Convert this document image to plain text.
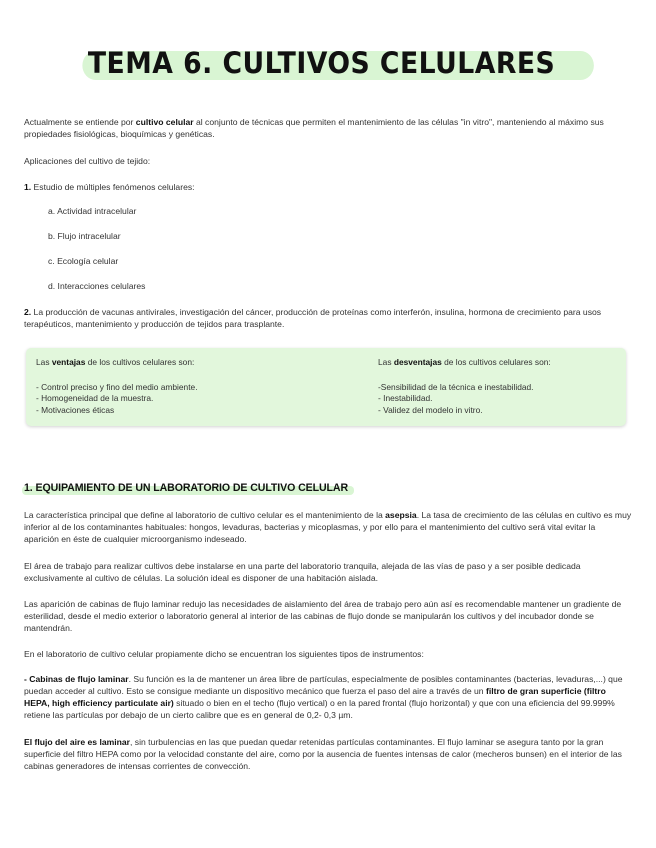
TEMA 6. CULTIVOS CELULARES

Actualmente se entiende por cultivo celular al conjunto de técnicas que permiten el mantenimiento de las células "in vitro", manteniendo al máximo sus propiedades fisiológicas, bioquímicas y genéticas.

Aplicaciones del cultivo de tejido:

1. Estudio de múltiples fenómenos celulares:

a. Actividad intracelular
b. Flujo intracelular
c. Ecología celular
d. Interacciones celulares

2. La producción de vacunas antivirales, investigación del cáncer, producción de proteínas como interferón, insulina, hormona de crecimiento para usos terapéuticos, mantenimiento y producción de tejidos para trasplante.

Las ventajas de los cultivos celulares son:
- Control preciso y fino del medio ambiente.
- Homogeneidad de la muestra.
- Motivaciones éticas
Las desventajas de los cultivos celulares son:
-Sensibilidad de la técnica e inestabilidad.
- Inestabilidad.
- Validez del modelo in vitro.
1. EQUIPAMIENTO DE UN LABORATORIO DE CULTIVO CELULAR

La característica principal que define al laboratorio de cultivo celular es el mantenimiento de la asepsia. La tasa de crecimiento de las células en cultivo es muy inferior al de los contaminantes habituales: hongos, levaduras, bacterias y micoplasmas, y por ello para el mantenimiento del cultivo será vital evitar la aparición en éste de cualquier microorganismo indeseado.

El área de trabajo para realizar cultivos debe instalarse en una parte del laboratorio tranquila, alejada de las vías de paso y a ser posible dedicada exclusivamente al cultivo de células. La solución ideal es disponer de una habitación aislada.

Las aparición de cabinas de flujo laminar redujo las necesidades de aislamiento del área de trabajo pero aún así es recomendable mantener un gradiente de esterilidad, desde el medio exterior o laboratorio general al interior de las cabinas de flujo donde se manipularán los cultivos y del incubador donde se mantendrán.

En el laboratorio de cultivo celular propiamente dicho se encuentran los siguientes tipos de instrumentos:

- Cabinas de flujo laminar. Su función es la de mantener un área libre de partículas, especialmente de posibles contaminantes (bacterias, levaduras,...) que puedan acceder al cultivo. Esto se consigue mediante un dispositivo mecánico que fuerza el paso del aire a través de un filtro de gran superficie (filtro HEPA, high efficiency particulate air) situado o bien en el techo (flujo vertical) o en la pared frontal (flujo horizontal) y que con una eficiencia del 99.999% retiene las partículas por debajo de un cierto calibre que es en general de 0,2- 0,3 µm.

El flujo del aire es laminar, sin turbulencias en las que puedan quedar retenidas partículas contaminantes. El flujo laminar se asegura tanto por la gran superficie del filtro HEPA como por la velocidad constante del aire, como por la ausencia de fuentes intensas de calor (mecheros bunsen) en el interior de las cabinas generadores de intensas corrientes de convección.
